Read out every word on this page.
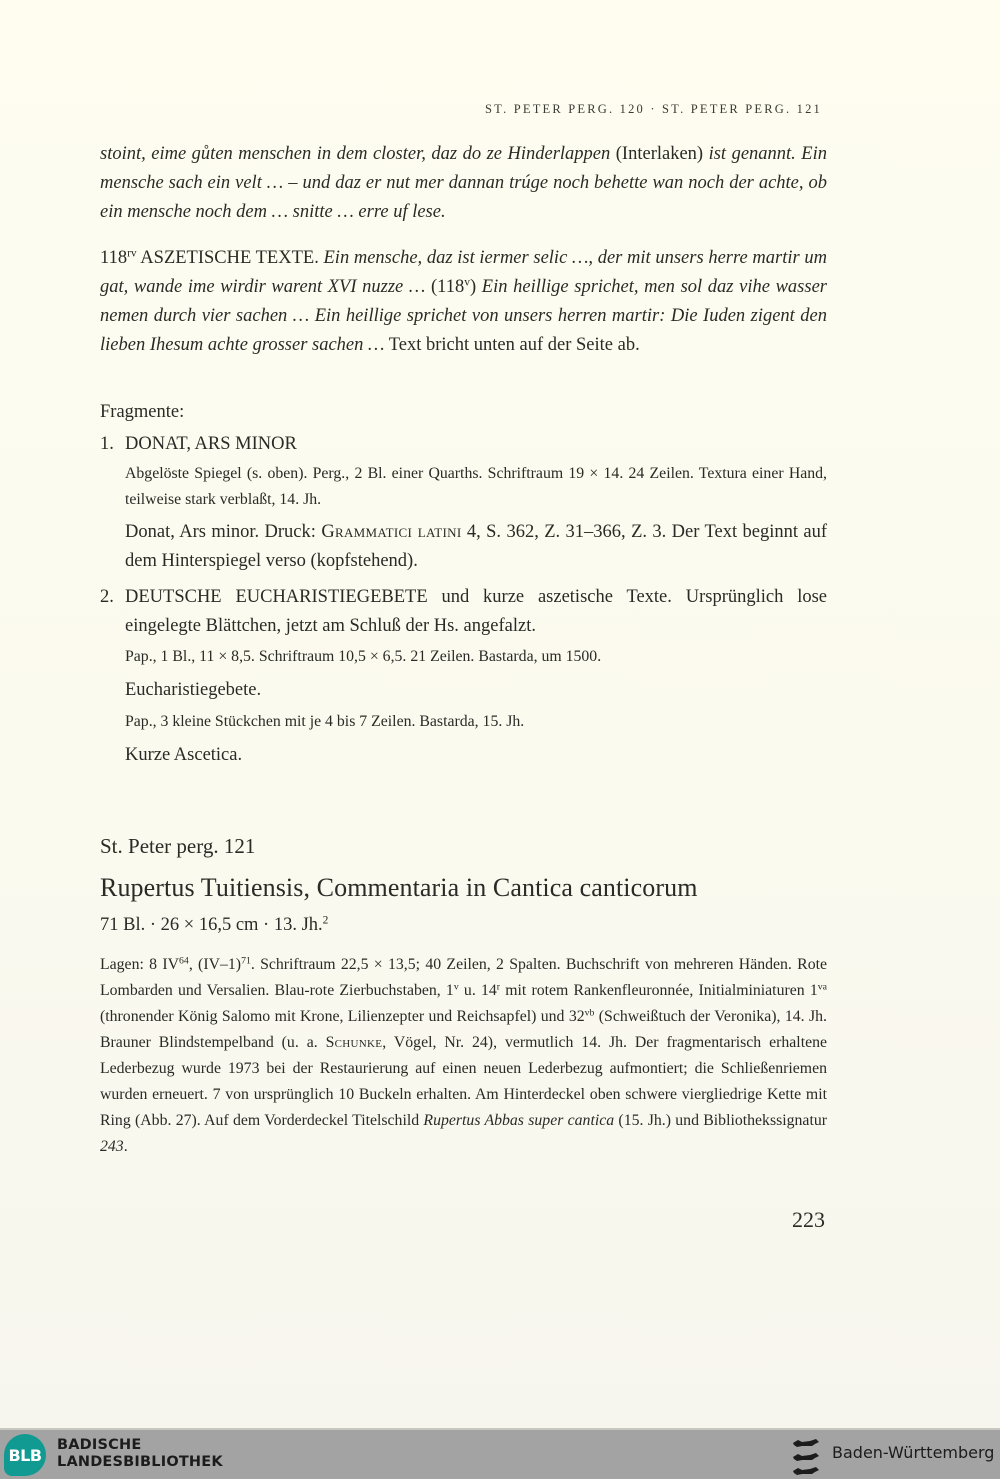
ST. PETER PERG. 120 · ST. PETER PERG. 121

stoint, eime gůten menschen in dem closter, daz do ze Hinderlappen (Interlaken) ist genannt. Ein mensche sach ein velt … – und daz er nut mer dannan trúge noch behette wan noch der achte, ob ein mensche noch dem … snitte … erre uf lese.

$118^{rv}$ ASZETISCHE TEXTE. Ein mensche, daz ist iermer selic …, der mit unsers herre martir um gat, wande ime wirdir warent XVI nuzze … (118$^v$) Ein heillige sprichet, men sol daz vihe wasser nemen durch vier sachen … Ein heillige sprichet von unsers herren martir: Die Iuden zigent den lieben Ihesum achte grosser sachen … Text bricht unten auf der Seite ab.

Fragmente:

1. DONAT, ARS MINOR

Abgelöste Spiegel (s. oben). Perg., 2 Bl. einer Quarths. Schriftraum 19 × 14. 24 Zeilen. Textura einer Hand, teilweise stark verblaßt, 14. Jh.

Donat, Ars minor. Druck: Grammatici latini 4, S. 362, Z. 31–366, Z. 3. Der Text beginnt auf dem Hinterspiegel verso (kopfstehend).

2. DEUTSCHE EUCHARISTIEGEBETE und kurze aszetische Texte. Ursprünglich lose eingelegte Blättchen, jetzt am Schluß der Hs. angefalzt.

Pap., 1 Bl., 11 × 8,5. Schriftraum 10,5 × 6,5. 21 Zeilen. Bastarda, um 1500.

Eucharistiegebete.

Pap., 3 kleine Stückchen mit je 4 bis 7 Zeilen. Bastarda, 15. Jh.

Kurze Ascetica.

St. Peter perg. 121
Rupertus Tuitiensis, Commentaria in Cantica canticorum
71 Bl. · 26 × 16,5 cm · 13. Jh.$^2$

Lagen: 8 IV$^{64}$, $(IV-1)^{71}$. Schriftraum 22,5 × 13,5; 40 Zeilen, 2 Spalten. Buchschrift von mehreren Händen. Rote Lombarden und Versalien. Blau-rote Zierbuchstaben, 1$^v$ u. 14$^r$ mit rotem Rankenfleuronnée, Initialminiaturen $1^{va}$ (thronender König Salomo mit Krone, Lilienzepter und Reichsapfel) und $32^{vb}$ (Schweißtuch der Veronika), 14. Jh. Brauner Blindstempelband (u. a. Schunke, Vögel, Nr. 24), vermutlich 14. Jh. Der fragmentarisch erhaltene Lederbezug wurde 1973 bei der Restaurierung auf einen neuen Lederbezug aufmontiert; die Schließenriemen wurden erneuert. 7 von ursprünglich 10 Buckeln erhalten. Am Hinterdeckel oben schwere viergliedrige Kette mit Ring (Abb. 27). Auf dem Vorderdeckel Titelschild Rupertus Abbas super cantica (15. Jh.) und Bibliothekssignatur 243.

223
BLB
BADISCHE
LANDESBIBLIOTHEK	Baden-Württemberg
